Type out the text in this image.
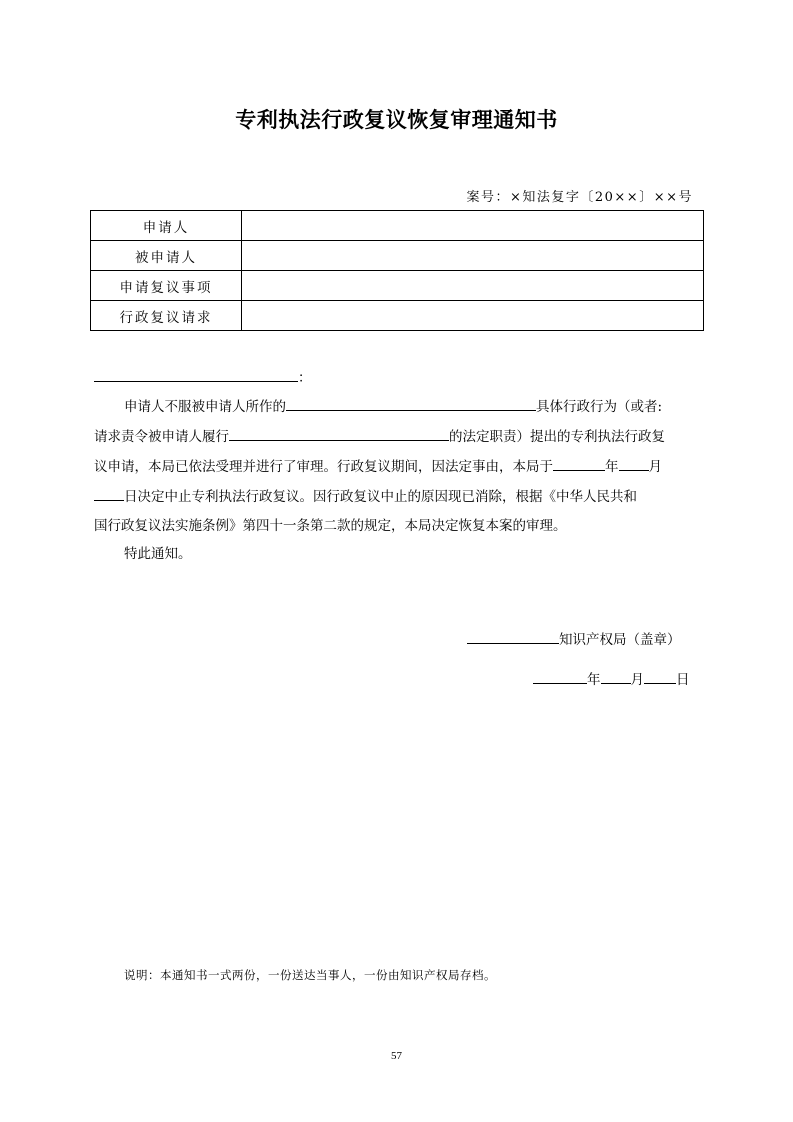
专利执法行政复议恢复审理通知书
案号：×知法复字〔20××〕××号
申请人	
被申请人	
申请复议事项	
行政复议请求	
：
申请人不服被申请人所作的	具体行政行为（或者:
请求责令被申请人履行	的法定职责）提出的专利执法行政复
议申请，本局已依法受理并进行了审理。行政复议期间，因法定事由，本局于	年 月
日决定中止专利执法行政复议。因行政复议中止的原因现已消除，根据《中华人民共和
国行政复议法实施条例》第四十一条第二款的规定，本局决定恢复本案的审理。
特此通知。
知识产权局（盖章）
年 月 日
说明：本通知书一式两份，一份送达当事人，一份由知识产权局存档。
57
